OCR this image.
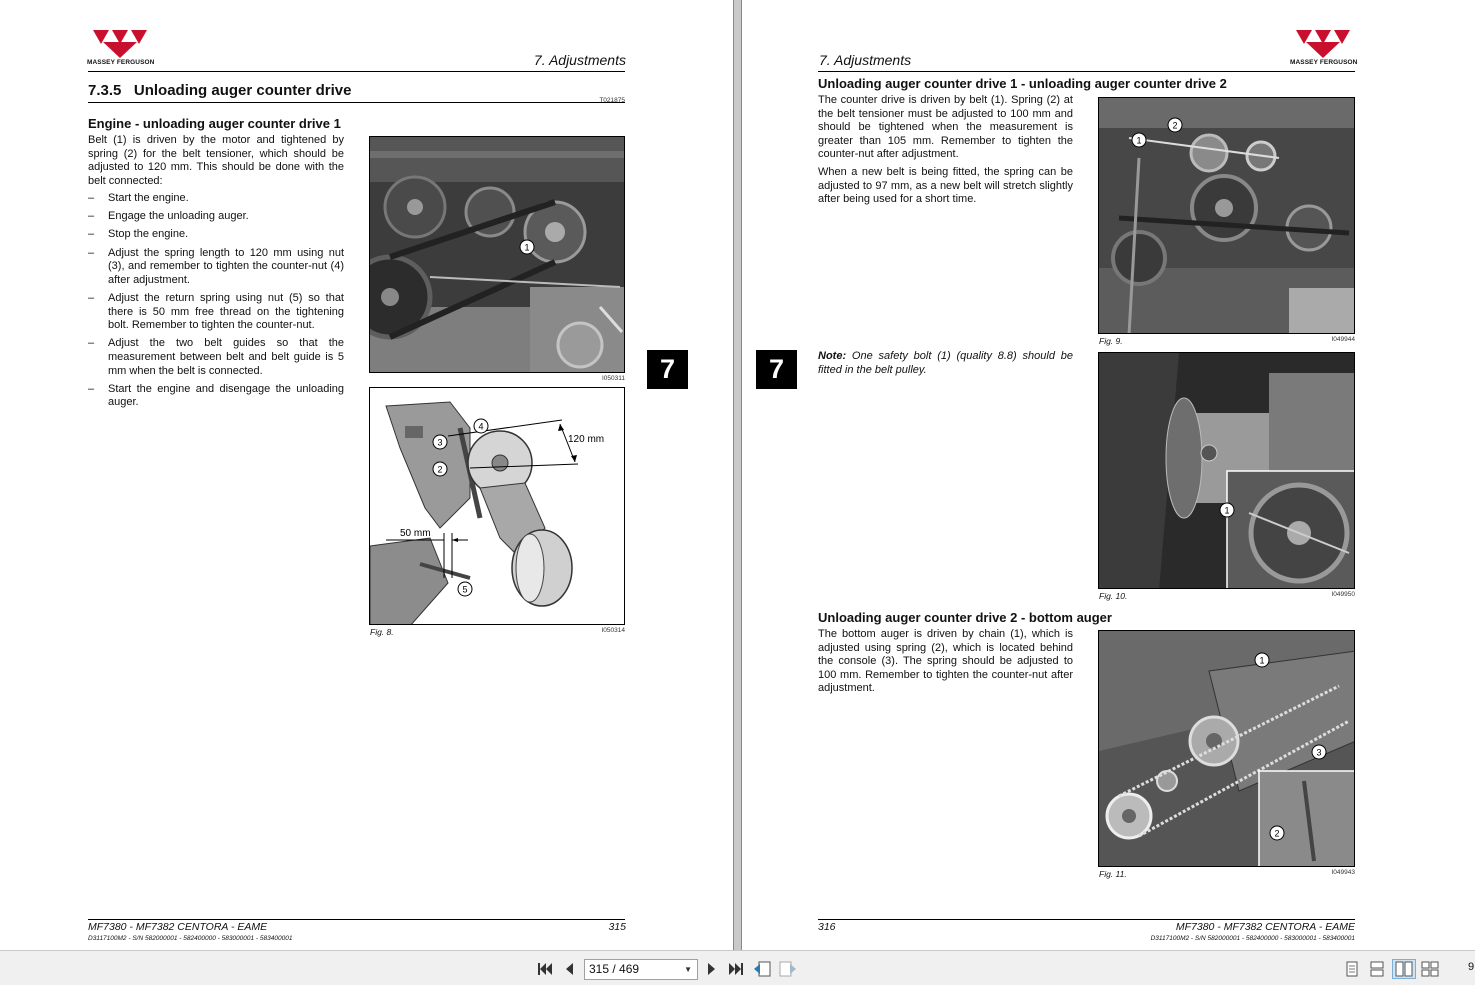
MASSEY FERGUSON	7. Adjustments
7.3.5 Unloading auger counter drive
T021875
Engine - unloading auger counter drive 1
Belt (1) is driven by the motor and tightened by spring (2) for the belt tensioner, which should be adjusted to 120 mm. This should be done with the belt connected:
– Start the engine.
– Engage the unloading auger.
– Stop the engine.
– Adjust the spring length to 120 mm using nut (3), and remember to tighten the counter-nut (4) after adjustment.
– Adjust the return spring using nut (5) so that there is 50 mm free thread on the tightening bolt. Remember to tighten the counter-nut.
– Adjust the two belt guides so that the measurement between belt and belt guide is 5 mm when the belt is connected.
– Start the engine and disengage the unloading auger.
1
I050311
120 mm
50 mm
4
3
2
5
Fig. 8.	I050314
7
MF7380 - MF7382 CENTORA - EAME
D3117100M2 - S/N 582000001 - 582400000 - 583000001 - 583400001
315
7. Adjustments	MASSEY FERGUSON
Unloading auger counter drive 1 - unloading auger counter drive 2
The counter drive is driven by belt (1). Spring (2) at the belt tensioner must be adjusted to 100 mm and should be tightened when the measurement is greater than 105 mm. Remember to tighten the counter-nut after adjustment.
When a new belt is being fitted, the spring can be adjusted to 97 mm, as a new belt will stretch slightly after being used for a short time.
1
2
Fig. 9.	I049944
7	Note: One safety bolt (1) (quality 8.8) should be fitted in the belt pulley.
1
Fig. 10.	I049950
Unloading auger counter drive 2 - bottom auger
The bottom auger is driven by chain (1), which is adjusted using spring (2), which is located behind the console (3). The spring should be adjusted to 100 mm. Remember to tighten the counter-nut after adjustment.
1
3
2
Fig. 11.	I049943
316	MF7380 - MF7382 CENTORA - EAME
D3117100M2 - S/N 582000001 - 582400000 - 583000001 - 583400001
315 / 469	▼	9
